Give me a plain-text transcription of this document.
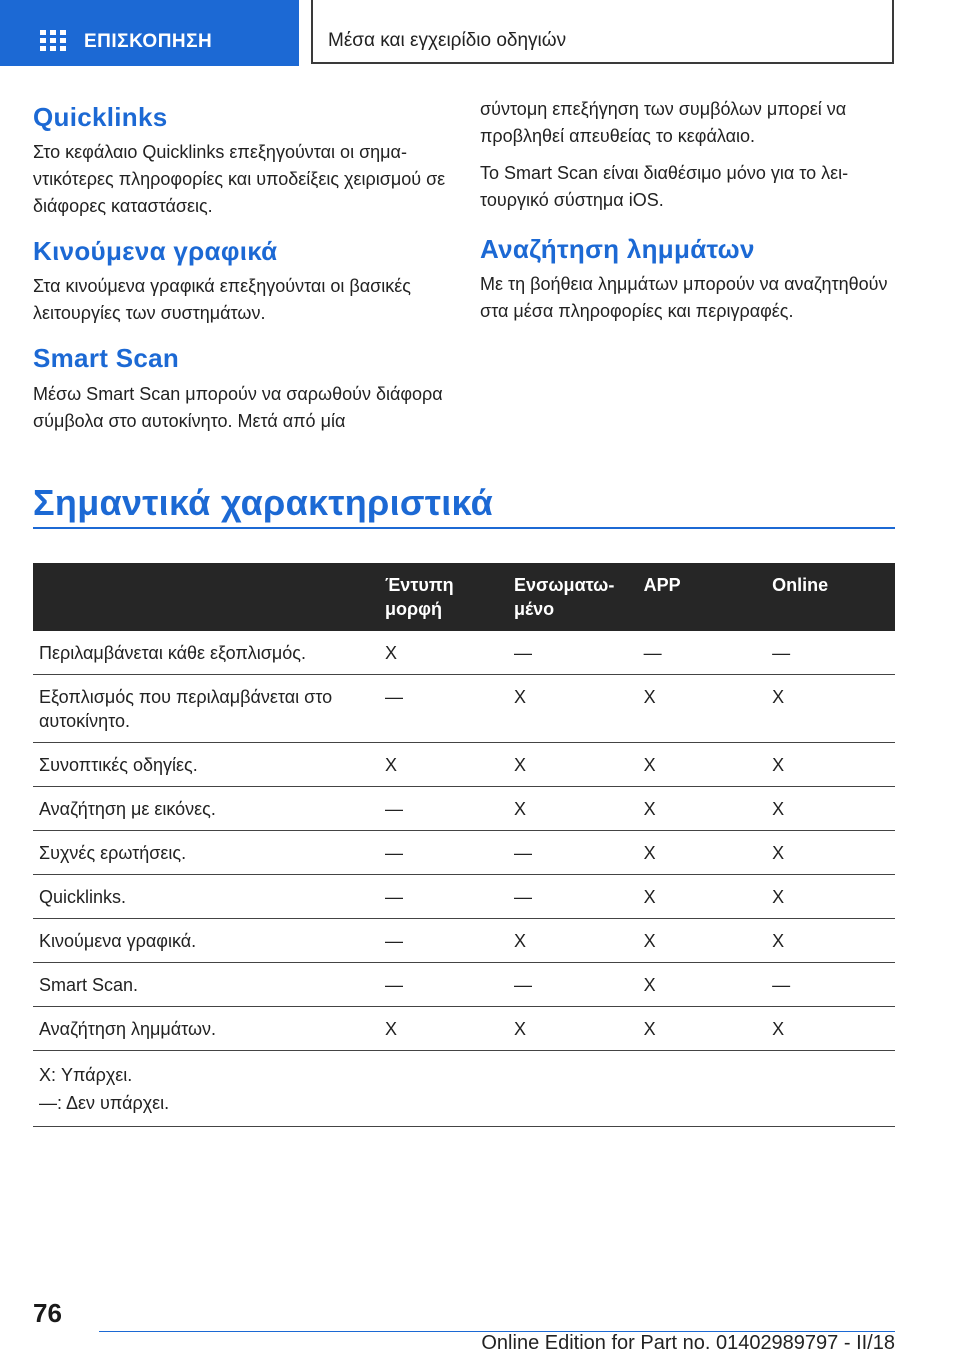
ΕΠΙΣΚΟΠΗΣΗ	Μέσα και εγχειρίδιο οδηγιών
Quicklinks

Στο κεφάλαιο Quicklinks επεξηγούνται οι σημαντικότερες πληροφορίες και υποδείξεις χειρισμού σε διάφορες καταστάσεις.

Κινούμενα γραφικά

Στα κινούμενα γραφικά επεξηγούνται οι βασικές λειτουργίες των συστημάτων.

Smart Scan

Μέσω Smart Scan μπορούν να σαρωθούν διάφορα σύμβολα στο αυτοκίνητο. Μετά από μία

σύντομη επεξήγηση των συμβόλων μπορεί να προβληθεί απευθείας το κεφάλαιο.

Το Smart Scan είναι διαθέσιμο μόνο για το λειτουργικό σύστημα iOS.

Αναζήτηση λημμάτων

Με τη βοήθεια λημμάτων μπορούν να αναζητηθούν στα μέσα πληροφορίες και περιγραφές.

Σημαντικά χαρακτηριστικά
	Έντυπη μορφή	Ενσωματωμένο	APP	Online
Περιλαμβάνεται κάθε εξοπλισμός.	X	—	—	—
Εξοπλισμός που περιλαμβάνεται στο αυτοκίνητο.	—	X	X	X
Συνοπτικές οδηγίες.	X	X	X	X
Αναζήτηση με εικόνες.	—	X	X	X
Συχνές ερωτήσεις.	—	—	X	X
Quicklinks.	—	—	X	X
Κινούμενα γραφικά.	—	X	X	X
Smart Scan.	—	—	X	—
Αναζήτηση λημμάτων.	X	X	X	X

X: Υπάρχει.
—: Δεν υπάρχει.				
76
Online Edition for Part no. 01402989797 - II/18
